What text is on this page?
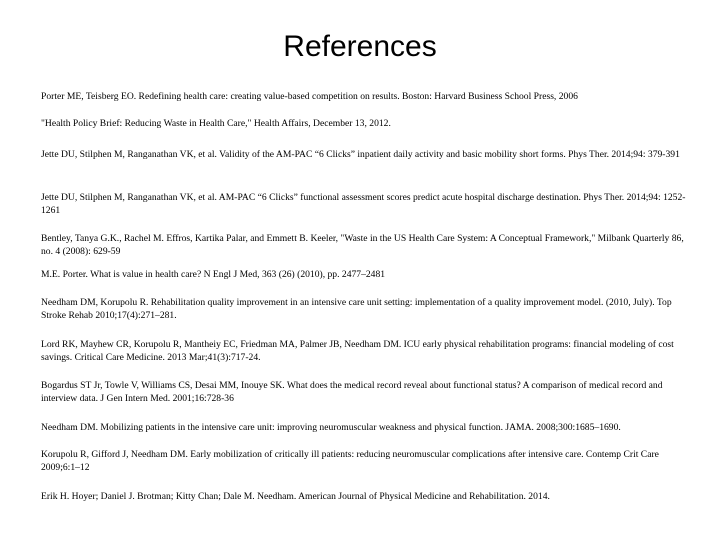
References
Porter ME, Teisberg EO. Redefining health care: creating value-based competition on results. Boston: Harvard Business School Press, 2006
"Health Policy Brief: Reducing Waste in Health Care," Health Affairs, December 13, 2012.
Jette DU, Stilphen M, Ranganathan VK, et al. Validity of the AM-PAC “6 Clicks” inpatient daily activity and basic mobility short forms. Phys Ther. 2014;94: 379-391
Jette DU, Stilphen M, Ranganathan VK, et al. AM-PAC “6 Clicks” functional assessment scores predict acute hospital discharge destination. Phys Ther. 2014;94: 1252-1261
Bentley, Tanya G.K., Rachel M. Effros, Kartika Palar, and Emmett B. Keeler, "Waste in the US Health Care System: A Conceptual Framework," Milbank Quarterly 86, no. 4 (2008): 629-59
M.E. Porter. What is value in health care? N Engl J Med, 363 (26) (2010), pp. 2477–2481
Needham DM, Korupolu R. Rehabilitation quality improvement in an intensive care unit setting: implementation of a quality improvement model. (2010, July). Top Stroke Rehab 2010;17(4):271–281.
Lord RK, Mayhew CR, Korupolu R, Mantheiy EC, Friedman MA, Palmer JB, Needham DM. ICU early physical rehabilitation programs: financial modeling of cost savings. Critical Care Medicine. 2013 Mar;41(3):717-24.
Bogardus ST Jr, Towle V, Williams CS, Desai MM, Inouye SK. What does the medical record reveal about functional status? A comparison of medical record and interview data. J Gen Intern Med. 2001;16:728-36
Needham DM. Mobilizing patients in the intensive care unit: improving neuromuscular weakness and physical function. JAMA. 2008;300:1685–1690.
Korupolu R, Gifford J, Needham DM. Early mobilization of critically ill patients: reducing neuromuscular complications after intensive care. Contemp Crit Care 2009;6:1–12
Erik H. Hoyer; Daniel J. Brotman; Kitty Chan; Dale M. Needham. American Journal of Physical Medicine and Rehabilitation. 2014.
